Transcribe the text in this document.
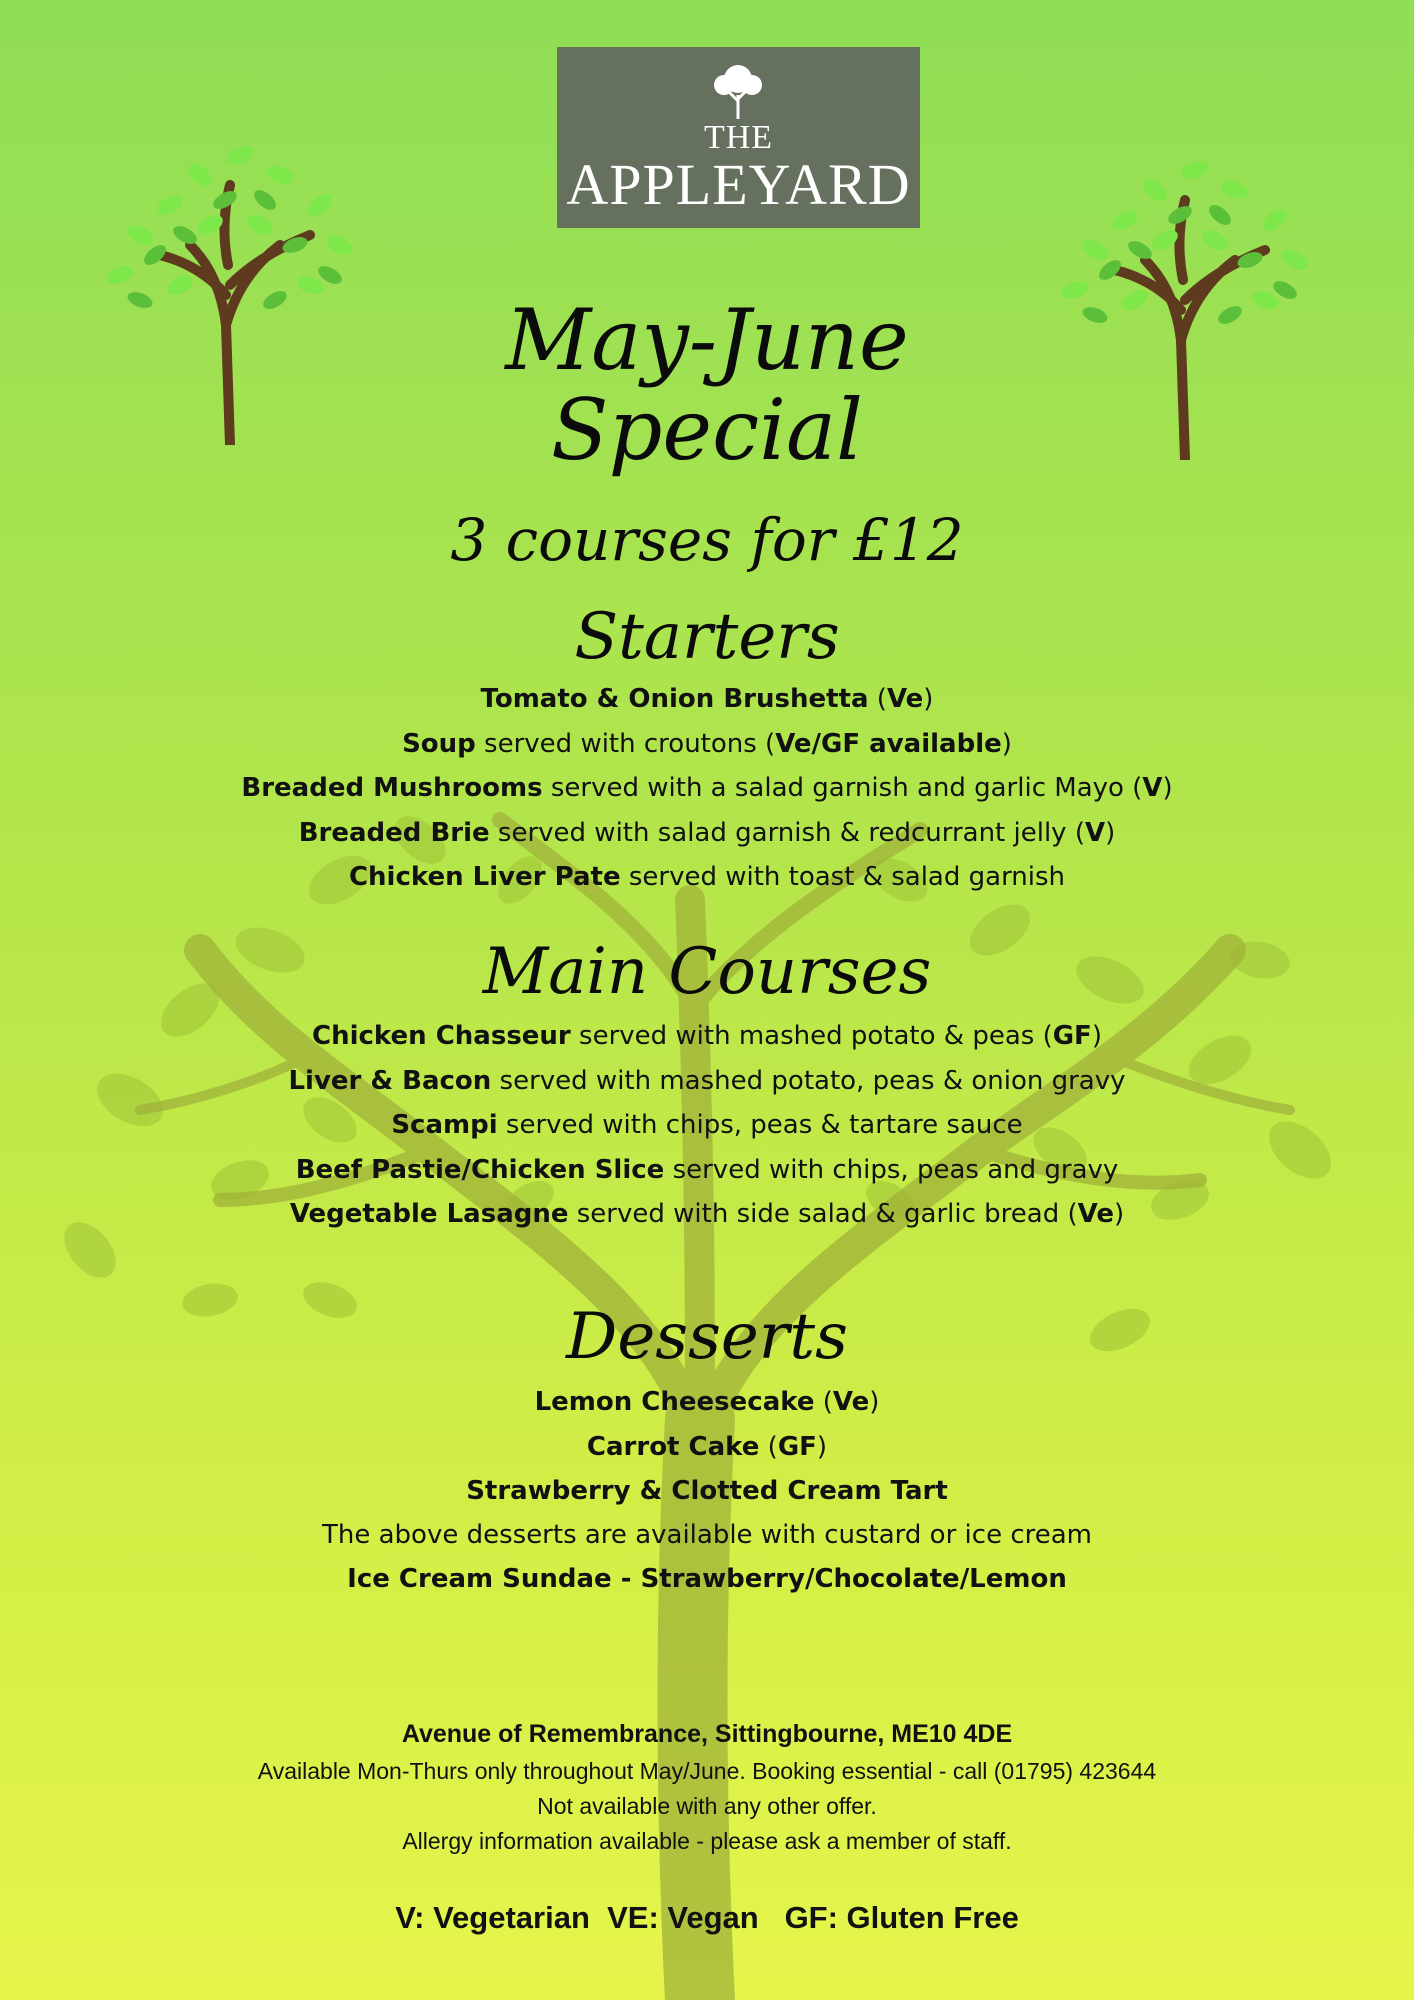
THE
APPLEYARD
May-June
Special
3 courses for £12
Starters
Tomato & Onion Brushetta (Ve)
Soup served with croutons (Ve/GF available)
Breaded Mushrooms served with a salad garnish and garlic Mayo (V)
Breaded Brie served with salad garnish & redcurrant jelly (V)
Chicken Liver Pate served with toast & salad garnish
Main Courses
Chicken Chasseur served with mashed potato & peas (GF)
Liver & Bacon served with mashed potato, peas & onion gravy
Scampi served with chips, peas & tartare sauce
Beef Pastie/Chicken Slice served with chips, peas and gravy
Vegetable Lasagne served with side salad & garlic bread (Ve)
Desserts
Lemon Cheesecake (Ve)
Carrot Cake (GF)
Strawberry & Clotted Cream Tart
The above desserts are available with custard or ice cream
Ice Cream Sundae - Strawberry/Chocolate/Lemon
Avenue of Remembrance, Sittingbourne, ME10 4DE
Available Mon-Thurs only throughout May/June. Booking essential - call (01795) 423644
Not available with any other offer.
Allergy information available - please ask a member of staff.
V: Vegetarian  VE: Vegan   GF: Gluten Free
